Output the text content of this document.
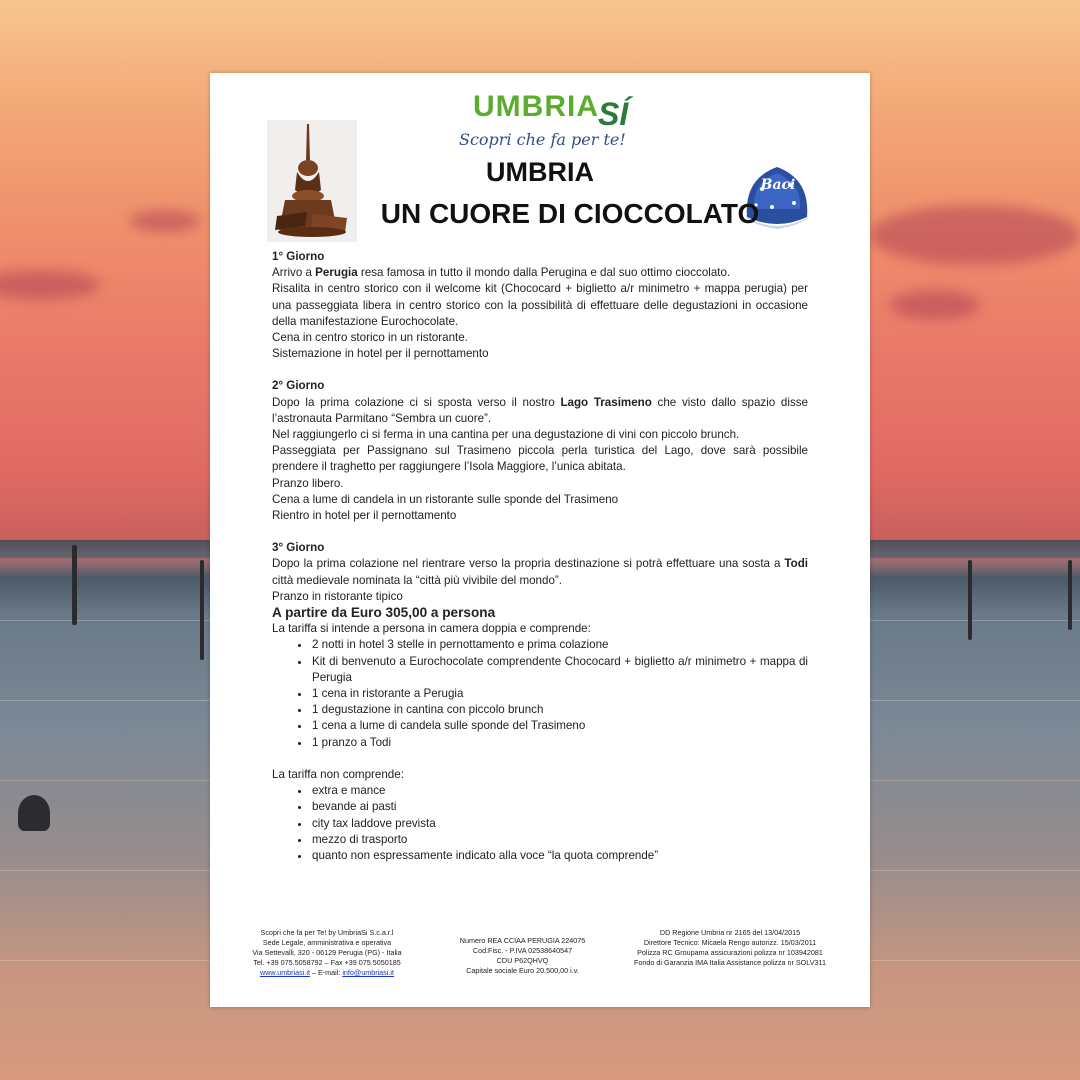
UMBRIA SÍ
Scopri che fa per te!
Baci
UMBRIA
UN CUORE DI CIOCCOLATO

1° Giorno

Arrivo a Perugia resa famosa in tutto il mondo dalla Perugina e dal suo ottimo cioccolato.

Risalita in centro storico con il welcome kit (Chococard + biglietto a/r minimetro + mappa perugia) per una passeggiata libera in centro storico con la possibilità di effettuare delle degustazioni in occasione della manifestazione Eurochocolate.

Cena in centro storico in un ristorante.

Sistemazione in hotel per il pernottamento

2° Giorno

Dopo la prima colazione ci si sposta verso il nostro Lago Trasimeno che visto dallo spazio disse l’astronauta Parmitano “Sembra un cuore”.

Nel raggiungerlo ci si ferma in una cantina per una degustazione di vini con piccolo brunch.

Passeggiata per Passignano sul Trasimeno piccola perla turistica del Lago, dove sarà possibile prendere il traghetto per raggiungere l’Isola Maggiore, l’unica abitata.

Pranzo libero.

Cena a lume di candela in un ristorante sulle sponde del Trasimeno

Rientro in hotel per il pernottamento

3° Giorno

Dopo la prima colazione nel rientrare verso la propria destinazione si potrà effettuare una sosta a Todi città medievale nominata la “città più vivibile del mondo”.

Pranzo in ristorante tipico

A partire da Euro 305,00 a persona

La tariffa si intende a persona in camera doppia e comprende:

• 2 notti in hotel 3 stelle in pernottamento e prima colazione
• Kit di benvenuto a Eurochocolate comprendente Chococard + biglietto a/r minimetro + mappa di Perugia
• 1 cena in ristorante a Perugia
• 1 degustazione in cantina con piccolo brunch
• 1 cena a lume di candela sulle sponde del Trasimeno
• 1 pranzo a Todi

La tariffa non comprende:

• extra e mance
• bevande ai pasti
• city tax laddove prevista
• mezzo di trasporto
• quanto non espressamente indicato alla voce “la quota comprende”
Scopri che fa per Te! by UmbriaSi S.c.a.r.l
Sede Legale, amministrativa e operativa
Via Settevalli, 320 - 06129 Perugia (PG) - Italia
Tel. +39 075.5058792 – Fax +39 075.5050185
www.umbriasi.it – E-mail: info@umbriasi.it
Numero REA CCIAA PERUGIA 224075
Cod.Fisc. - P.IVA 02538640547
CDU P62QHVQ
Capitale sociale Euro 20.500,00 i.v.
DD Regione Umbria nr 2165 del 13/04/2015
Direttore Tecnico: Micaela Rengo autorizz. 15/03/2011
Polizza RC Groupama assicurazioni polizza nr 103942081
Fondo di Garanzia IMA Italia Assistance polizza nr SOLV311
